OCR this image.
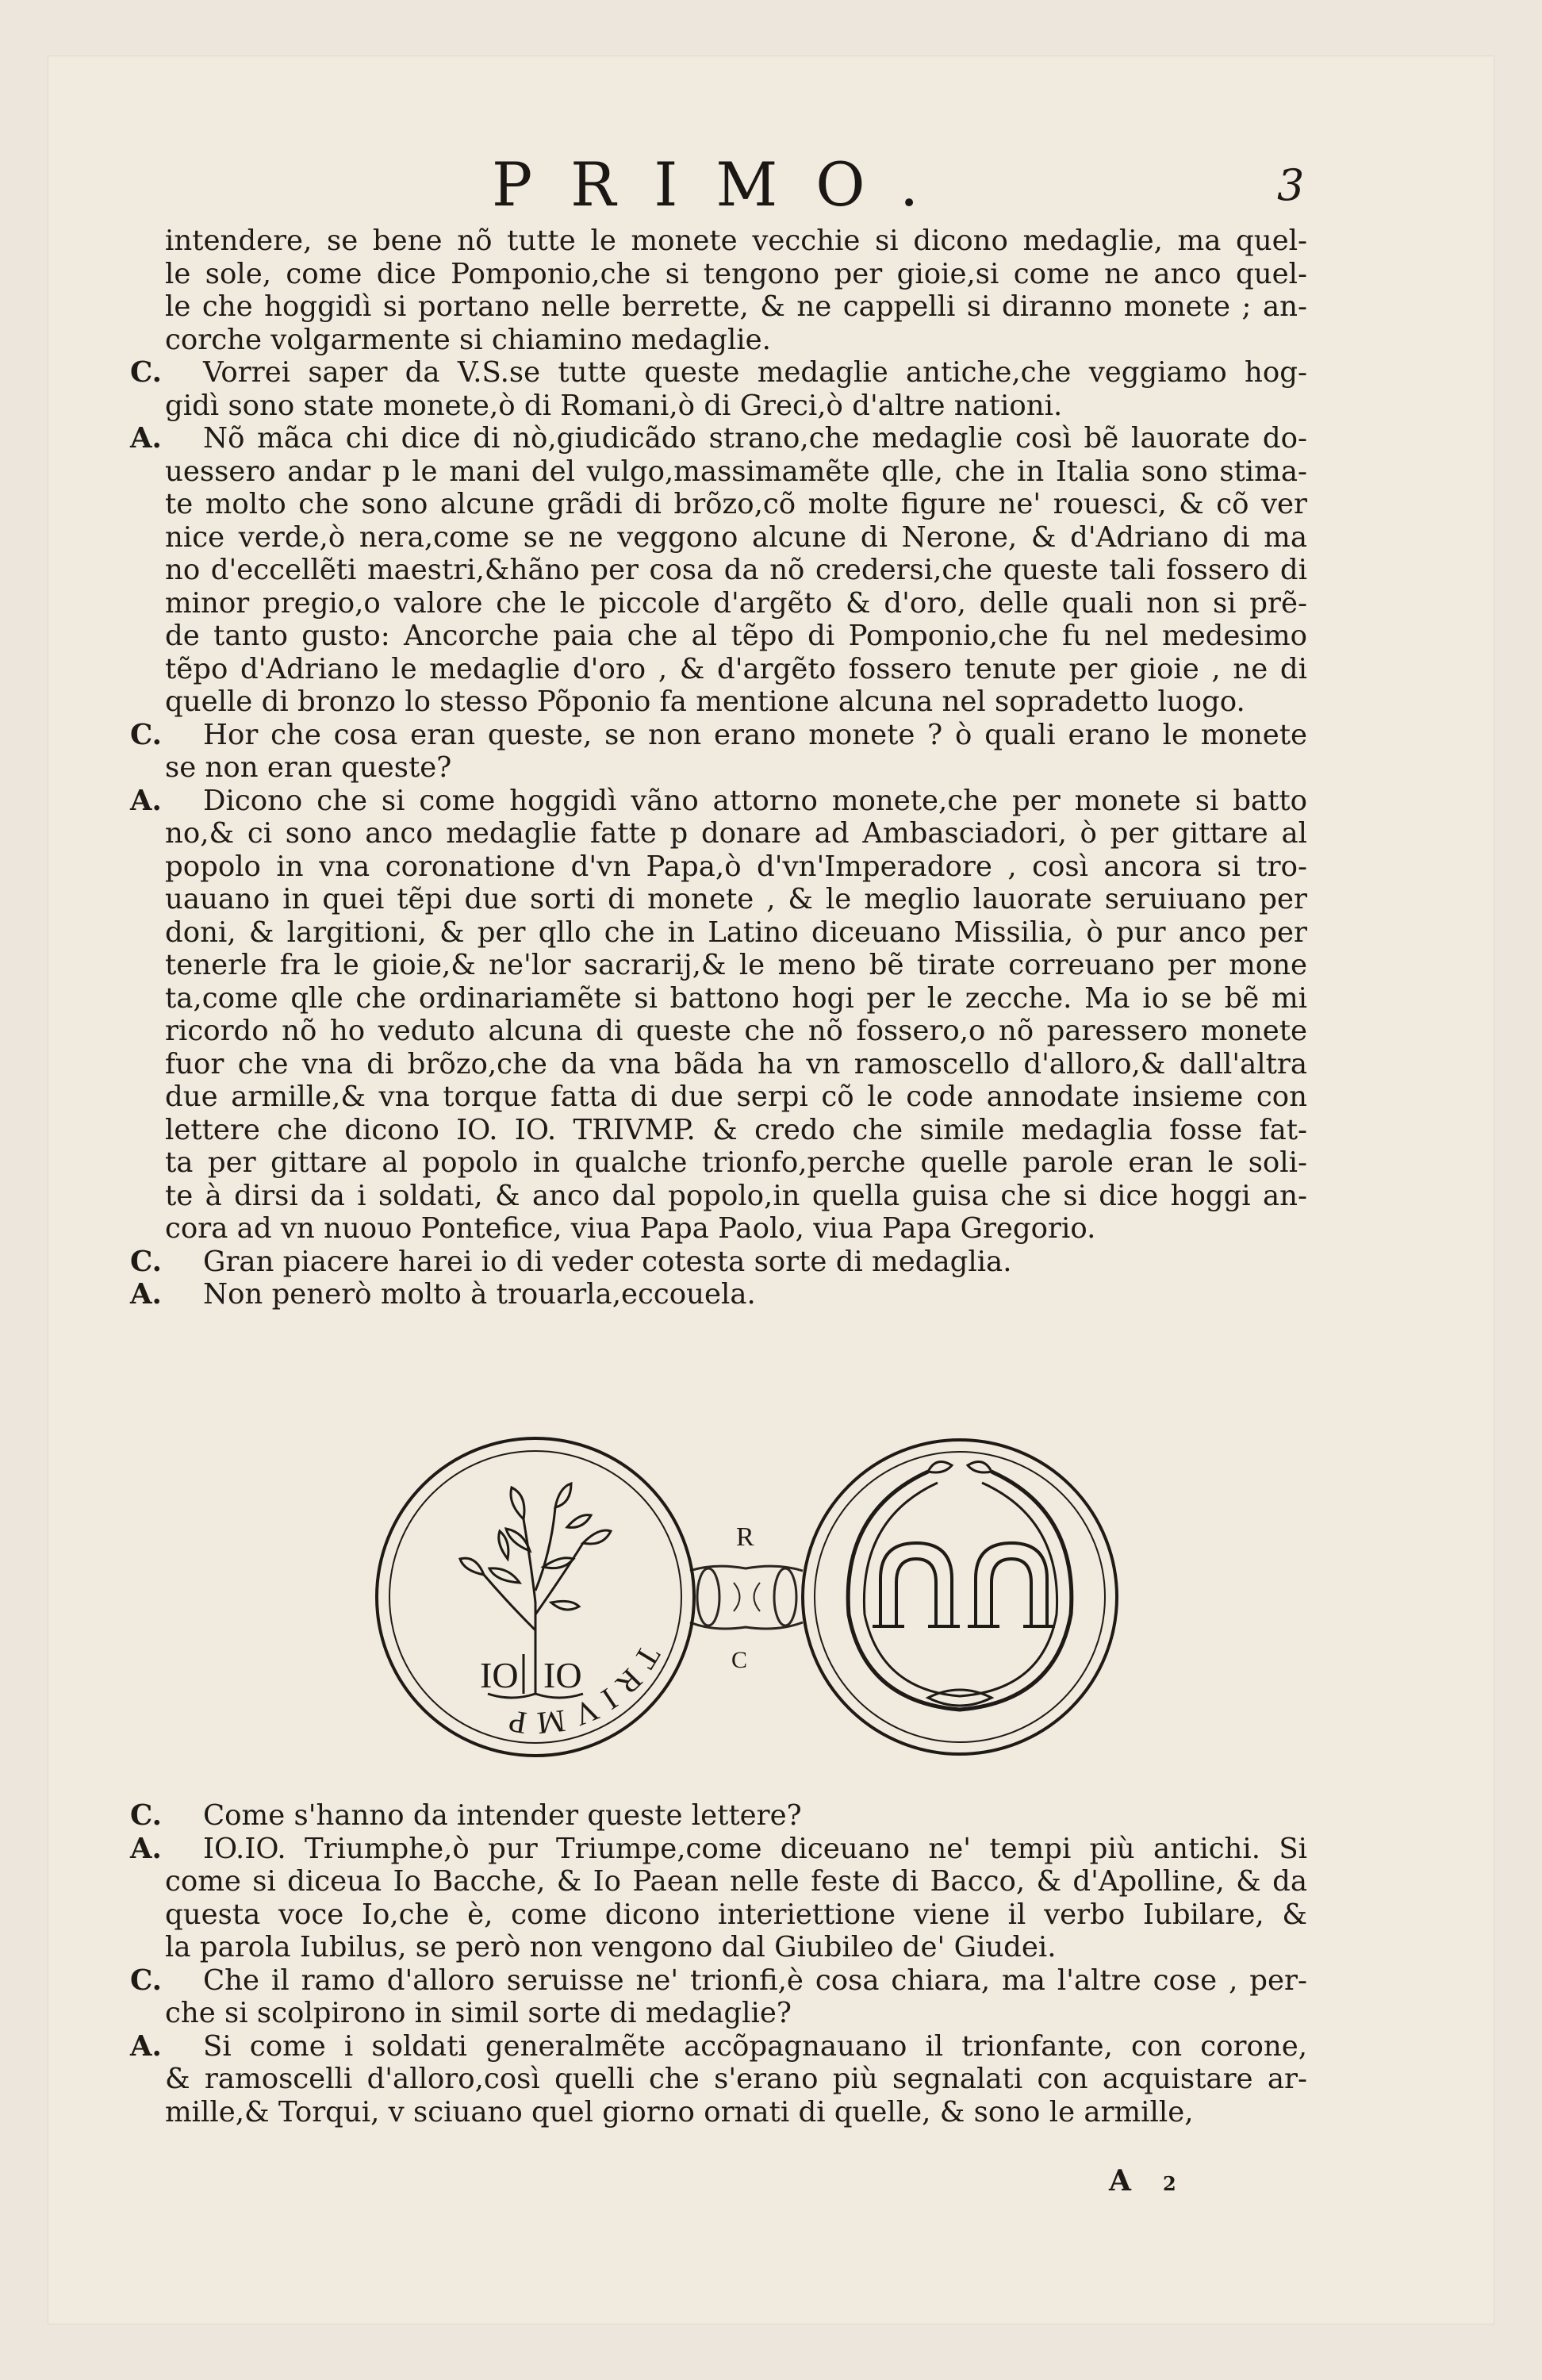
PRIMO.	3
intendere, se bene nõ tutte le monete vecchie si dicono medaglie, ma quel-
le sole, come dice Pomponio,che si tengono per gioie,si come ne anco quel-
le che hoggidì si portano nelle berrette, & ne cappelli si diranno monete ; an-
corche volgarmente si chiamino medaglie.
C.	Vorrei saper da V.S.se tutte queste medaglie antiche,che veggiamo hog-
gidì sono state monete,ò di Romani,ò di Greci,ò d'altre nationi.
A.	Nõ mãca chi dice di nò,giudicãdo strano,che medaglie così bẽ lauorate do-
uessero andar p le mani del vulgo,massimamẽte qlle, che in Italia sono stima-
te molto che sono alcune grãdi di brõzo,cõ molte figure ne' rouesci, & cõ ver
nice verde,ò nera,come se ne veggono alcune di Nerone, & d'Adriano di ma
no d'eccellẽti maestri,&hãno per cosa da nõ credersi,che queste tali fossero di
minor pregio,o valore che le piccole d'argẽto & d'oro, delle quali non si prẽ-
de tanto gusto: Ancorche paia che al tẽpo di Pomponio,che fu nel medesimo
tẽpo d'Adriano le medaglie d'oro , & d'argẽto fossero tenute per gioie , ne di
quelle di bronzo lo stesso Põponio fa mentione alcuna nel sopradetto luogo.
C.	Hor che cosa eran queste, se non erano monete ? ò quali erano le monete
se non eran queste?
A.	Dicono che si come hoggidì vãno attorno monete,che per monete si batto
no,& ci sono anco medaglie fatte p donare ad Ambasciadori, ò per gittare al
popolo in vna coronatione d'vn Papa,ò d'vn'Imperadore , così ancora si tro-
uauano in quei tẽpi due sorti di monete , & le meglio lauorate seruiuano per
doni, & largitioni, & per qllo che in Latino diceuano Missilia, ò pur anco per
tenerle fra le gioie,& ne'lor sacrarij,& le meno bẽ tirate correuano per mone
ta,come qlle che ordinariamẽte si battono hogi per le zecche. Ma io se bẽ mi
ricordo nõ ho veduto alcuna di queste che nõ fossero,o nõ paressero monete
fuor che vna di brõzo,che da vna bãda ha vn ramoscello d'alloro,& dall'altra
due armille,& vna torque fatta di due serpi cõ le code annodate insieme con
lettere che dicono IO. IO. TRIVMP. & credo che simile medaglia fosse fat-
ta per gittare al popolo in qualche trionfo,perche quelle parole eran le soli-
te à dirsi da i soldati, & anco dal popolo,in quella guisa che si dice hoggi an-
cora ad vn nuouo Pontefice, viua Papa Paolo, viua Papa Gregorio.
C.	Gran piacere harei io di veder cotesta sorte di medaglia.
A.	Non penerò molto à trouarla,eccouela.
R
C
IO IO	TRIVMP
C.	Come s'hanno da intender queste lettere?
A.	IO.IO. Triumphe,ò pur Triumpe,come diceuano ne' tempi più antichi. Si
come si diceua Io Bacche, & Io Paean nelle feste di Bacco, & d'Apolline, & da
questa voce Io,che è, come dicono interiettione viene il verbo Iubilare, &
la parola Iubilus, se però non vengono dal Giubileo de' Giudei.
C.	Che il ramo d'alloro seruisse ne' trionfi,è cosa chiara, ma l'altre cose , per-
che si scolpirono in simil sorte di medaglie?
A.	Si come i soldati generalmẽte accõpagnauano il trionfante, con corone,
& ramoscelli d'alloro,così quelli che s'erano più segnalati con acquistare ar-
mille,& Torqui, v sciuano quel giorno ornati di quelle, & sono le armille,
A 2
